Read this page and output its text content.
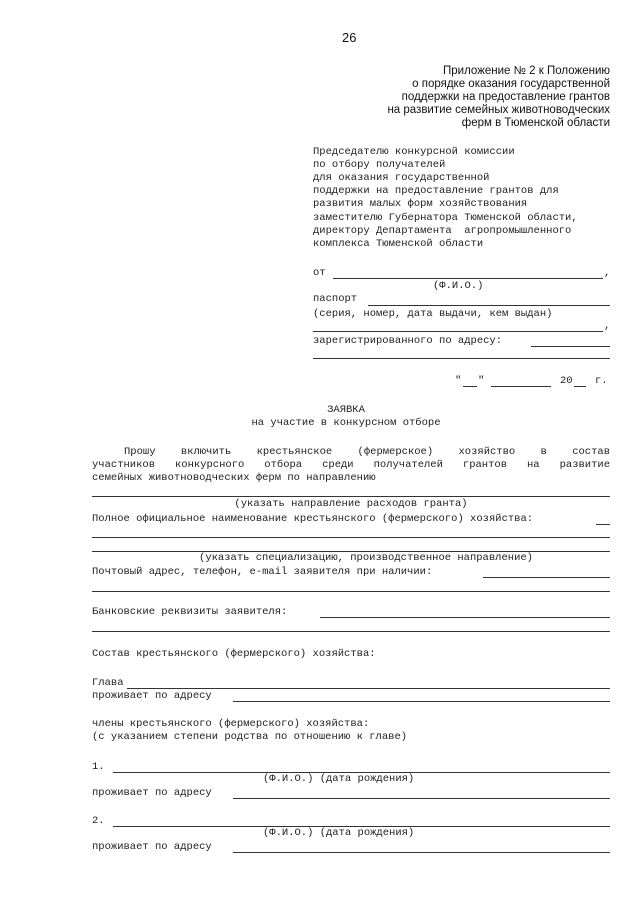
26
Приложение № 2 к Положению
о порядке оказания государственной
поддержки на предоставление грантов
на развитие семейных животноводческих
ферм в Тюменской области
Председателю конкурсной комиссии
по отбору получателей
для оказания государственной
поддержки на предоставление грантов для
развития малых форм хозяйствования
заместителю Губернатора Тюменской области,
директору Департамента  агропромышленного
комплекса Тюменской области
от	,
(Ф.И.О.)
паспорт
(серия, номер, дата выдачи, кем выдан)
,
зарегистрированного по адресу:
" "	20 г.
ЗАЯВКА
на участие в конкурсном отборе
Прошу включить крестьянское (фермерское) хозяйство в состав
участников конкурсного отбора среди получателей грантов на развитие
семейных животноводческих ферм по направлению
(указать направление расходов гранта)
Полное официальное наименование крестьянского (фермерского) хозяйства:
(указать специализацию, производственное направление)
Почтовый адрес, телефон, e-mail заявителя при наличии:
Банковские реквизиты заявителя:
Состав крестьянского (фермерского) хозяйства:
Глава
проживает по адресу
члены крестьянского (фермерского) хозяйства:
(с указанием степени родства по отношению к главе)
1.
(Ф.И.О.) (дата рождения)
проживает по адресу
2.
(Ф.И.О.) (дата рождения)
проживает по адресу
